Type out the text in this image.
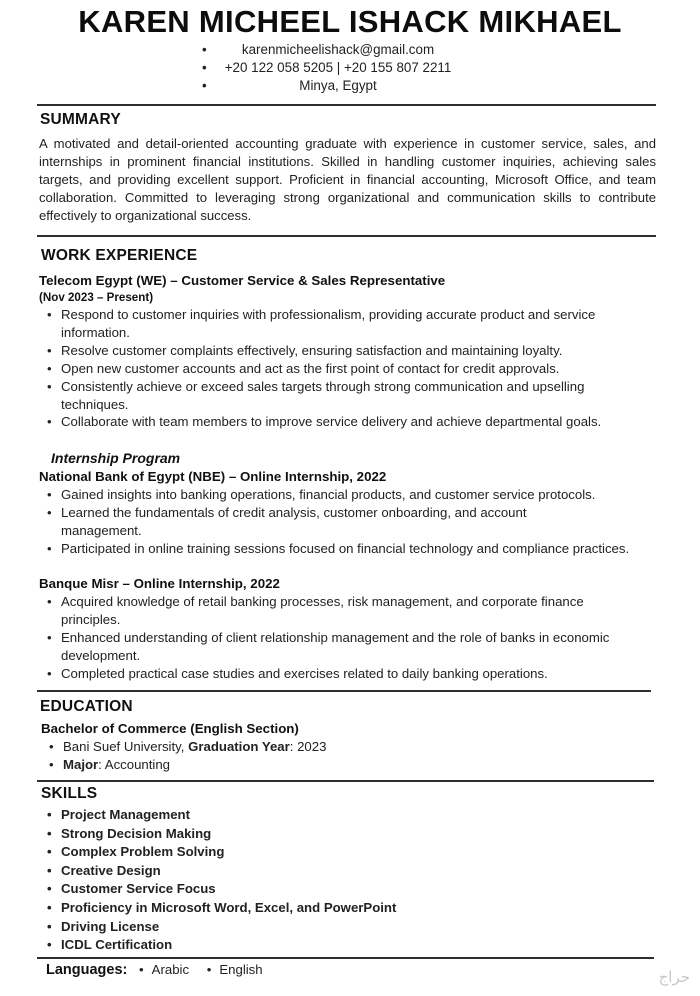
KAREN MICHEEL ISHACK MIKHAEL
•	karenmicheelishack@gmail.com
•	+20 122 058 5205 | +20 155 807 2211
•	Minya, Egypt
SUMMARY
A motivated and detail-oriented accounting graduate with experience in customer service, sales, and internships in prominent financial institutions. Skilled in handling customer inquiries, achieving sales targets, and providing excellent support. Proficient in financial accounting, Microsoft Office, and team collaboration. Committed to leveraging strong organizational and communication skills to contribute effectively to organizational success.
WORK EXPERIENCE
Telecom Egypt (WE) – Customer Service & Sales Representative
(Nov 2023 – Present)
• Respond to customer inquiries with professionalism, providing accurate product and service information.
• Resolve customer complaints effectively, ensuring satisfaction and maintaining loyalty.
• Open new customer accounts and act as the first point of contact for credit approvals.
• Consistently achieve or exceed sales targets through strong communication and upselling techniques.
• Collaborate with team members to improve service delivery and achieve departmental goals.
Internship Program
National Bank of Egypt (NBE) – Online Internship, 2022
• Gained insights into banking operations, financial products, and customer service protocols.
• Learned the fundamentals of credit analysis, customer onboarding, and account management.
• Participated in online training sessions focused on financial technology and compliance practices.
Banque Misr – Online Internship, 2022
• Acquired knowledge of retail banking processes, risk management, and corporate finance principles.
• Enhanced understanding of client relationship management and the role of banks in economic development.
• Completed practical case studies and exercises related to daily banking operations.
EDUCATION
Bachelor of Commerce (English Section)
• Bani Suef University, Graduation Year: 2023
• Major: Accounting
SKILLS
• Project Management
• Strong Decision Making
• Complex Problem Solving
• Creative Design
• Customer Service Focus
• Proficiency in Microsoft Word, Excel, and PowerPoint
• Driving License
• ICDL Certification
Languages: • Arabic • English	حراج
